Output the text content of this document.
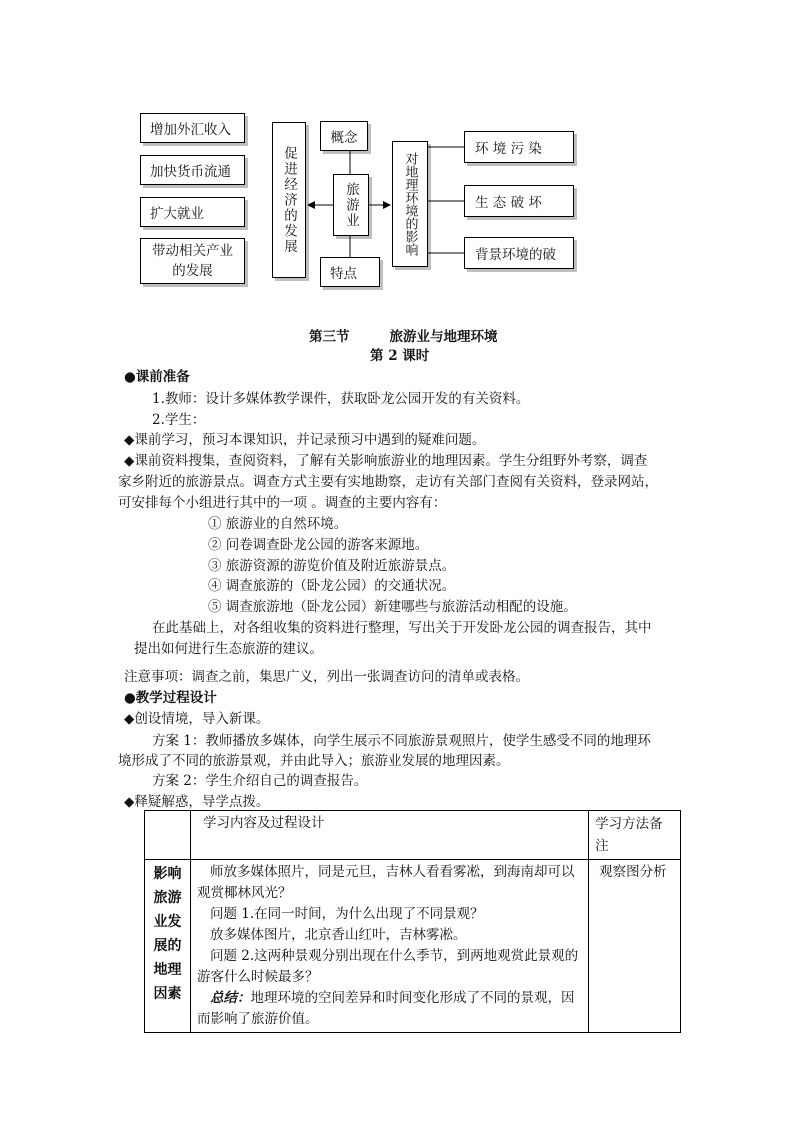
增加外汇收入
加快货币流通
扩大就业
带动相关产业的发展
促进经济的发展
概念
旅游业
特点
对地理环境的影响
环 境 污 染
生 态 破 坏
背景环境的破
第三节	旅游业与地理环境
第 2 课时
●课前准备
1.教师：设计多媒体教学课件，获取卧龙公园开发的有关资料。
2.学生：
◆课前学习，预习本课知识，并记录预习中遇到的疑难问题。
◆课前资料搜集，查阅资料，了解有关影响旅游业的地理因素。学生分组野外考察，调查
家乡附近的旅游景点。调查方式主要有实地勘察，走访有关部门查阅有关资料，登录网站，
可安排每个小组进行其中的一项 。调查的主要内容有：
① 旅游业的自然环境。
② 问卷调查卧龙公园的游客来源地。
③ 旅游资源的游览价值及附近旅游景点。
④ 调查旅游的（卧龙公园）的交通状况。
⑤ 调查旅游地（卧龙公园）新建哪些与旅游活动相配的设施。
在此基础上，对各组收集的资料进行整理，写出关于开发卧龙公园的调查报告，其中
提出如何进行生态旅游的建议。
注意事项：调查之前，集思广义，列出一张调查访问的清单或表格。
●教学过程设计
◆创设情境，导入新课。
方案 1：教师播放多媒体，向学生展示不同旅游景观照片，使学生感受不同的地理环
境形成了不同的旅游景观，并由此导入；旅游业发展的地理因素。
方案 2：学生介绍自己的调查报告。
◆释疑解惑，导学点拨。
	学习内容及过程设计	学习方法备注
影响旅游业发展的地理因素	师放多媒体照片，同是元旦，吉林人看看雾凇，到海南却可以观赏椰林风光？
问题 1.在同一时间，为什么出现了不同景观？
放多媒体图片，北京香山红叶，吉林雾凇。
问题 2.这两种景观分别出现在什么季节，到两地观赏此景观的游客什么时候最多？
总结：地理环境的空间差异和时间变化形成了不同的景观，因而影响了旅游价值。	观察图分析
